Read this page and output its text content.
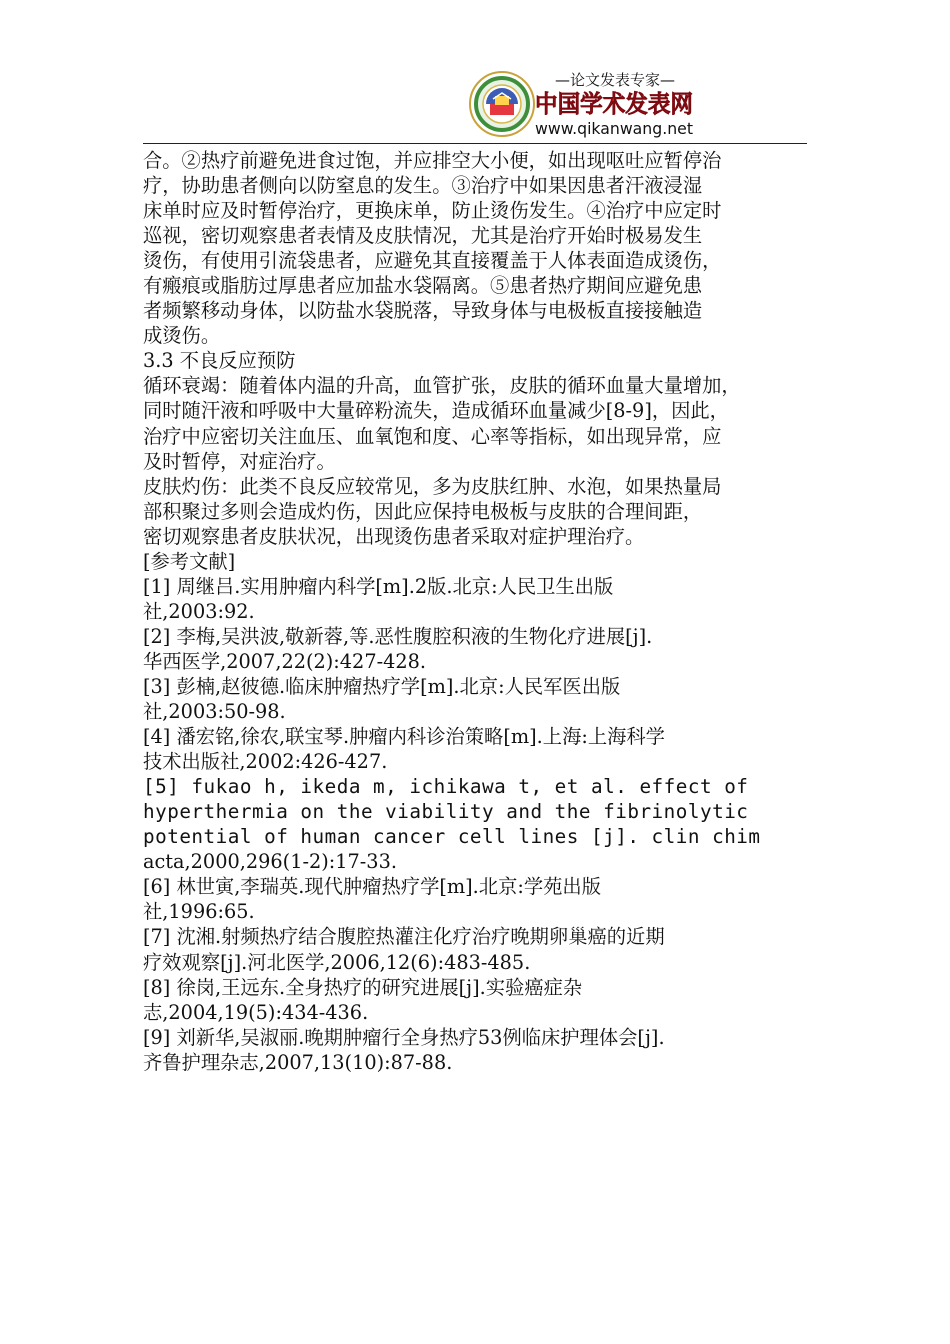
—论文发表专家—
中国学术发表网
www.qikanwang.net
合。②热疗前避免进食过饱，并应排空大小便，如出现呕吐应暂停治
疗，协助患者侧向以防窒息的发生。③治疗中如果因患者汗液浸湿
床单时应及时暂停治疗，更换床单，防止烫伤发生。④治疗中应定时
巡视，密切观察患者表情及皮肤情况，尤其是治疗开始时极易发生
烫伤，有使用引流袋患者，应避免其直接覆盖于人体表面造成烫伤，
有瘢痕或脂肪过厚患者应加盐水袋隔离。⑤患者热疗期间应避免患
者频繁移动身体，以防盐水袋脱落，导致身体与电极板直接接触造
成烫伤。
3.3 不良反应预防
循环衰竭：随着体内温的升高，血管扩张，皮肤的循环血量大量增加，
同时随汗液和呼吸中大量碎粉流失，造成循环血量减少[8-9]，因此，
治疗中应密切关注血压、血氧饱和度、心率等指标，如出现异常，应
及时暂停，对症治疗。
皮肤灼伤：此类不良反应较常见，多为皮肤红肿、水泡，如果热量局
部积聚过多则会造成灼伤，因此应保持电极板与皮肤的合理间距，
密切观察患者皮肤状况，出现烫伤患者采取对症护理治疗。
[参考文献]
[1] 周继吕.实用肿瘤内科学[m].2版.北京:人民卫生出版
社,2003:92.
[2] 李梅,吴洪波,敬新蓉,等.恶性腹腔积液的生物化疗进展[j].
华西医学,2007,22(2):427-428.
[3] 彭楠,赵彼德.临床肿瘤热疗学[m].北京:人民军医出版
社,2003:50-98.
[4] 潘宏铭,徐农,联宝琴.肿瘤内科诊治策略[m].上海:上海科学
技术出版社,2002:426-427.
[5] fukao h, ikeda m, ichikawa t, et al. effect of
hyperthermia on the viability and the fibrinolytic
potential of human cancer cell lines [j]. clin chim
acta,2000,296(1-2):17-33.
[6] 林世寅,李瑞英.现代肿瘤热疗学[m].北京:学苑出版
社,1996:65.
[7] 沈湘.射频热疗结合腹腔热灌注化疗治疗晚期卵巢癌的近期
疗效观察[j].河北医学,2006,12(6):483-485.
[8] 徐岗,王远东.全身热疗的研究进展[j].实验癌症杂
志,2004,19(5):434-436.
[9] 刘新华,吴淑丽.晚期肿瘤行全身热疗53例临床护理体会[j].
齐鲁护理杂志,2007,13(10):87-88.
